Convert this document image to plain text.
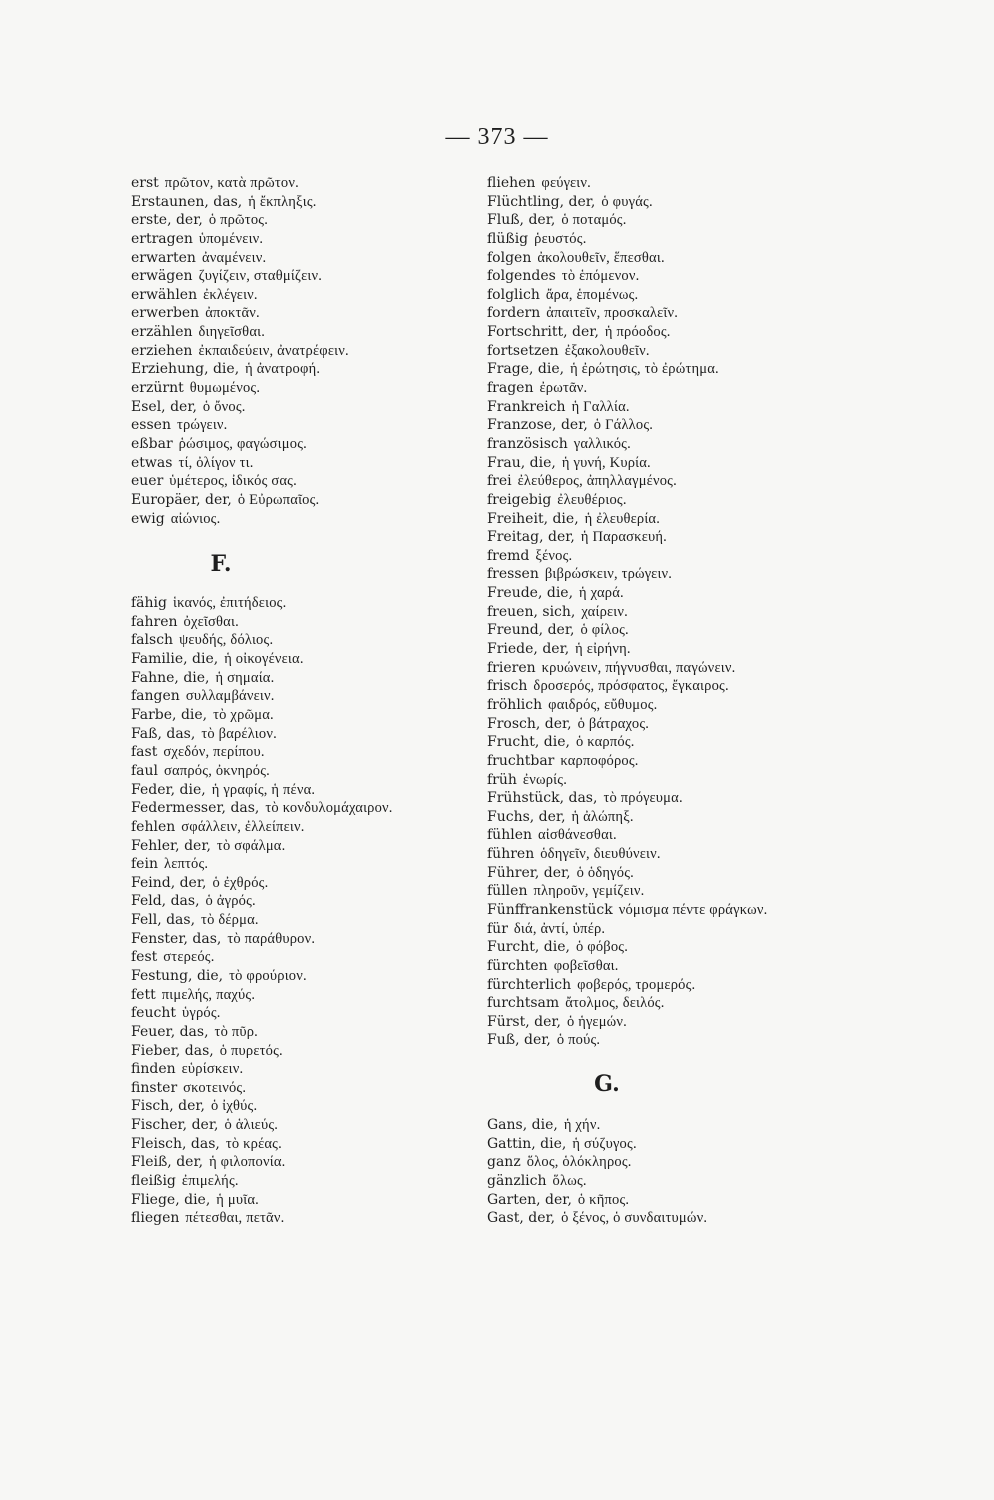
— 373 —
erst πρῶτον, κατὰ πρῶτον.
Erstaunen, das, ἡ ἔκπληξις.
erste, der, ὁ πρῶτος.
ertragen ὑπομένειν.
erwarten ἀναμένειν.
erwägen ζυγίζειν, σταθμίζειν.
erwählen ἐκλέγειν.
erwerben ἀποκτᾶν.
erzählen διηγεῖσθαι.
erziehen ἐκπαιδεύειν, ἀνατρέφειν.
Erziehung, die, ἡ ἀνατροφή.
erzürnt θυμωμένος.
Esel, der, ὁ ὄνος.
essen τρώγειν.
eßbar ῥώσιμος, φαγώσιμος.
etwas τί, ὀλίγον τι.
euer ὑμέτερος, ἰδικός σας.
Europäer, der, ὁ Εὐρωπαῖος.
ewig αἰώνιος.
F.
fähig ἱκανός, ἐπιτήδειος.
fahren ὀχεῖσθαι.
falsch ψευδής, δόλιος.
Familie, die, ἡ οἰκογένεια.
Fahne, die, ἡ σημαία.
fangen συλλαμβάνειν.
Farbe, die, τὸ χρῶμα.
Faß, das, τὸ βαρέλιον.
fast σχεδόν, περίπου.
faul σαπρός, ὀκνηρός.
Feder, die, ἡ γραφίς, ἡ πένα.
Federmesser, das, τὸ κονδυλομάχαιρον.
fehlen σφάλλειν, ἐλλείπειν.
Fehler, der, τὸ σφάλμα.
fein λεπτός.
Feind, der, ὁ ἐχθρός.
Feld, das, ὁ ἀγρός.
Fell, das, τὸ δέρμα.
Fenster, das, τὸ παράθυρον.
fest στερεός.
Festung, die, τὸ φρούριον.
fett πιμελής, παχύς.
feucht ὑγρός.
Feuer, das, τὸ πῦρ.
Fieber, das, ὁ πυρετός.
finden εὑρίσκειν.
finster σκοτεινός.
Fisch, der, ὁ ἰχθύς.
Fischer, der, ὁ ἁλιεύς.
Fleisch, das, τὸ κρέας.
Fleiß, der, ἡ φιλοπονία.
fleißig ἐπιμελής.
Fliege, die, ἡ μυῖα.
fliegen πέτεσθαι, πετᾶν.
fliehen φεύγειν.
Flüchtling, der, ὁ φυγάς.
Fluß, der, ὁ ποταμός.
flüßig ῥευστός.
folgen ἀκολουθεῖν, ἕπεσθαι.
folgendes τὸ ἑπόμενον.
folglich ἄρα, ἑπομένως.
fordern ἀπαιτεῖν, προσκαλεῖν.
Fortschritt, der, ἡ πρόοδος.
fortsetzen ἐξακολουθεῖν.
Frage, die, ἡ ἐρώτησις, τὸ ἐρώτημα.
fragen ἐρωτᾶν.
Frankreich ἡ Γαλλία.
Franzose, der, ὁ Γάλλος.
französisch γαλλικός.
Frau, die, ἡ γυνή, Κυρία.
frei ἐλεύθερος, ἀπηλλαγμένος.
freigebig ἐλευθέριος.
Freiheit, die, ἡ ἐλευθερία.
Freitag, der, ἡ Παρασκευή.
fremd ξένος.
fressen βιβρώσκειν, τρώγειν.
Freude, die, ἡ χαρά.
freuen, sich, χαίρειν.
Freund, der, ὁ φίλος.
Friede, der, ἡ εἰρήνη.
frieren κρυώνειν, πήγνυσθαι, παγώνειν.
frisch δροσερός, πρόσφατος, ἔγκαιρος.
fröhlich φαιδρός, εὔθυμος.
Frosch, der, ὁ βάτραχος.
Frucht, die, ὁ καρπός.
fruchtbar καρποφόρος.
früh ἐνωρίς.
Frühstück, das, τὸ πρόγευμα.
Fuchs, der, ἡ ἀλώπηξ.
fühlen αἰσθάνεσθαι.
führen ὁδηγεῖν, διευθύνειν.
Führer, der, ὁ ὁδηγός.
füllen πληροῦν, γεμίζειν.
Fünffrankenstück νόμισμα πέντε φράγκων.
für διά, ἀντί, ὑπέρ.
Furcht, die, ὁ φόβος.
fürchten φοβεῖσθαι.
fürchterlich φοβερός, τρομερός.
furchtsam ἄτολμος, δειλός.
Fürst, der, ὁ ἡγεμών.
Fuß, der, ὁ πούς.
G.
Gans, die, ἡ χήν.
Gattin, die, ἡ σύζυγος.
ganz ὅλος, ὁλόκληρος.
gänzlich ὅλως.
Garten, der, ὁ κῆπος.
Gast, der, ὁ ξένος, ὁ συνδαιτυμών.
